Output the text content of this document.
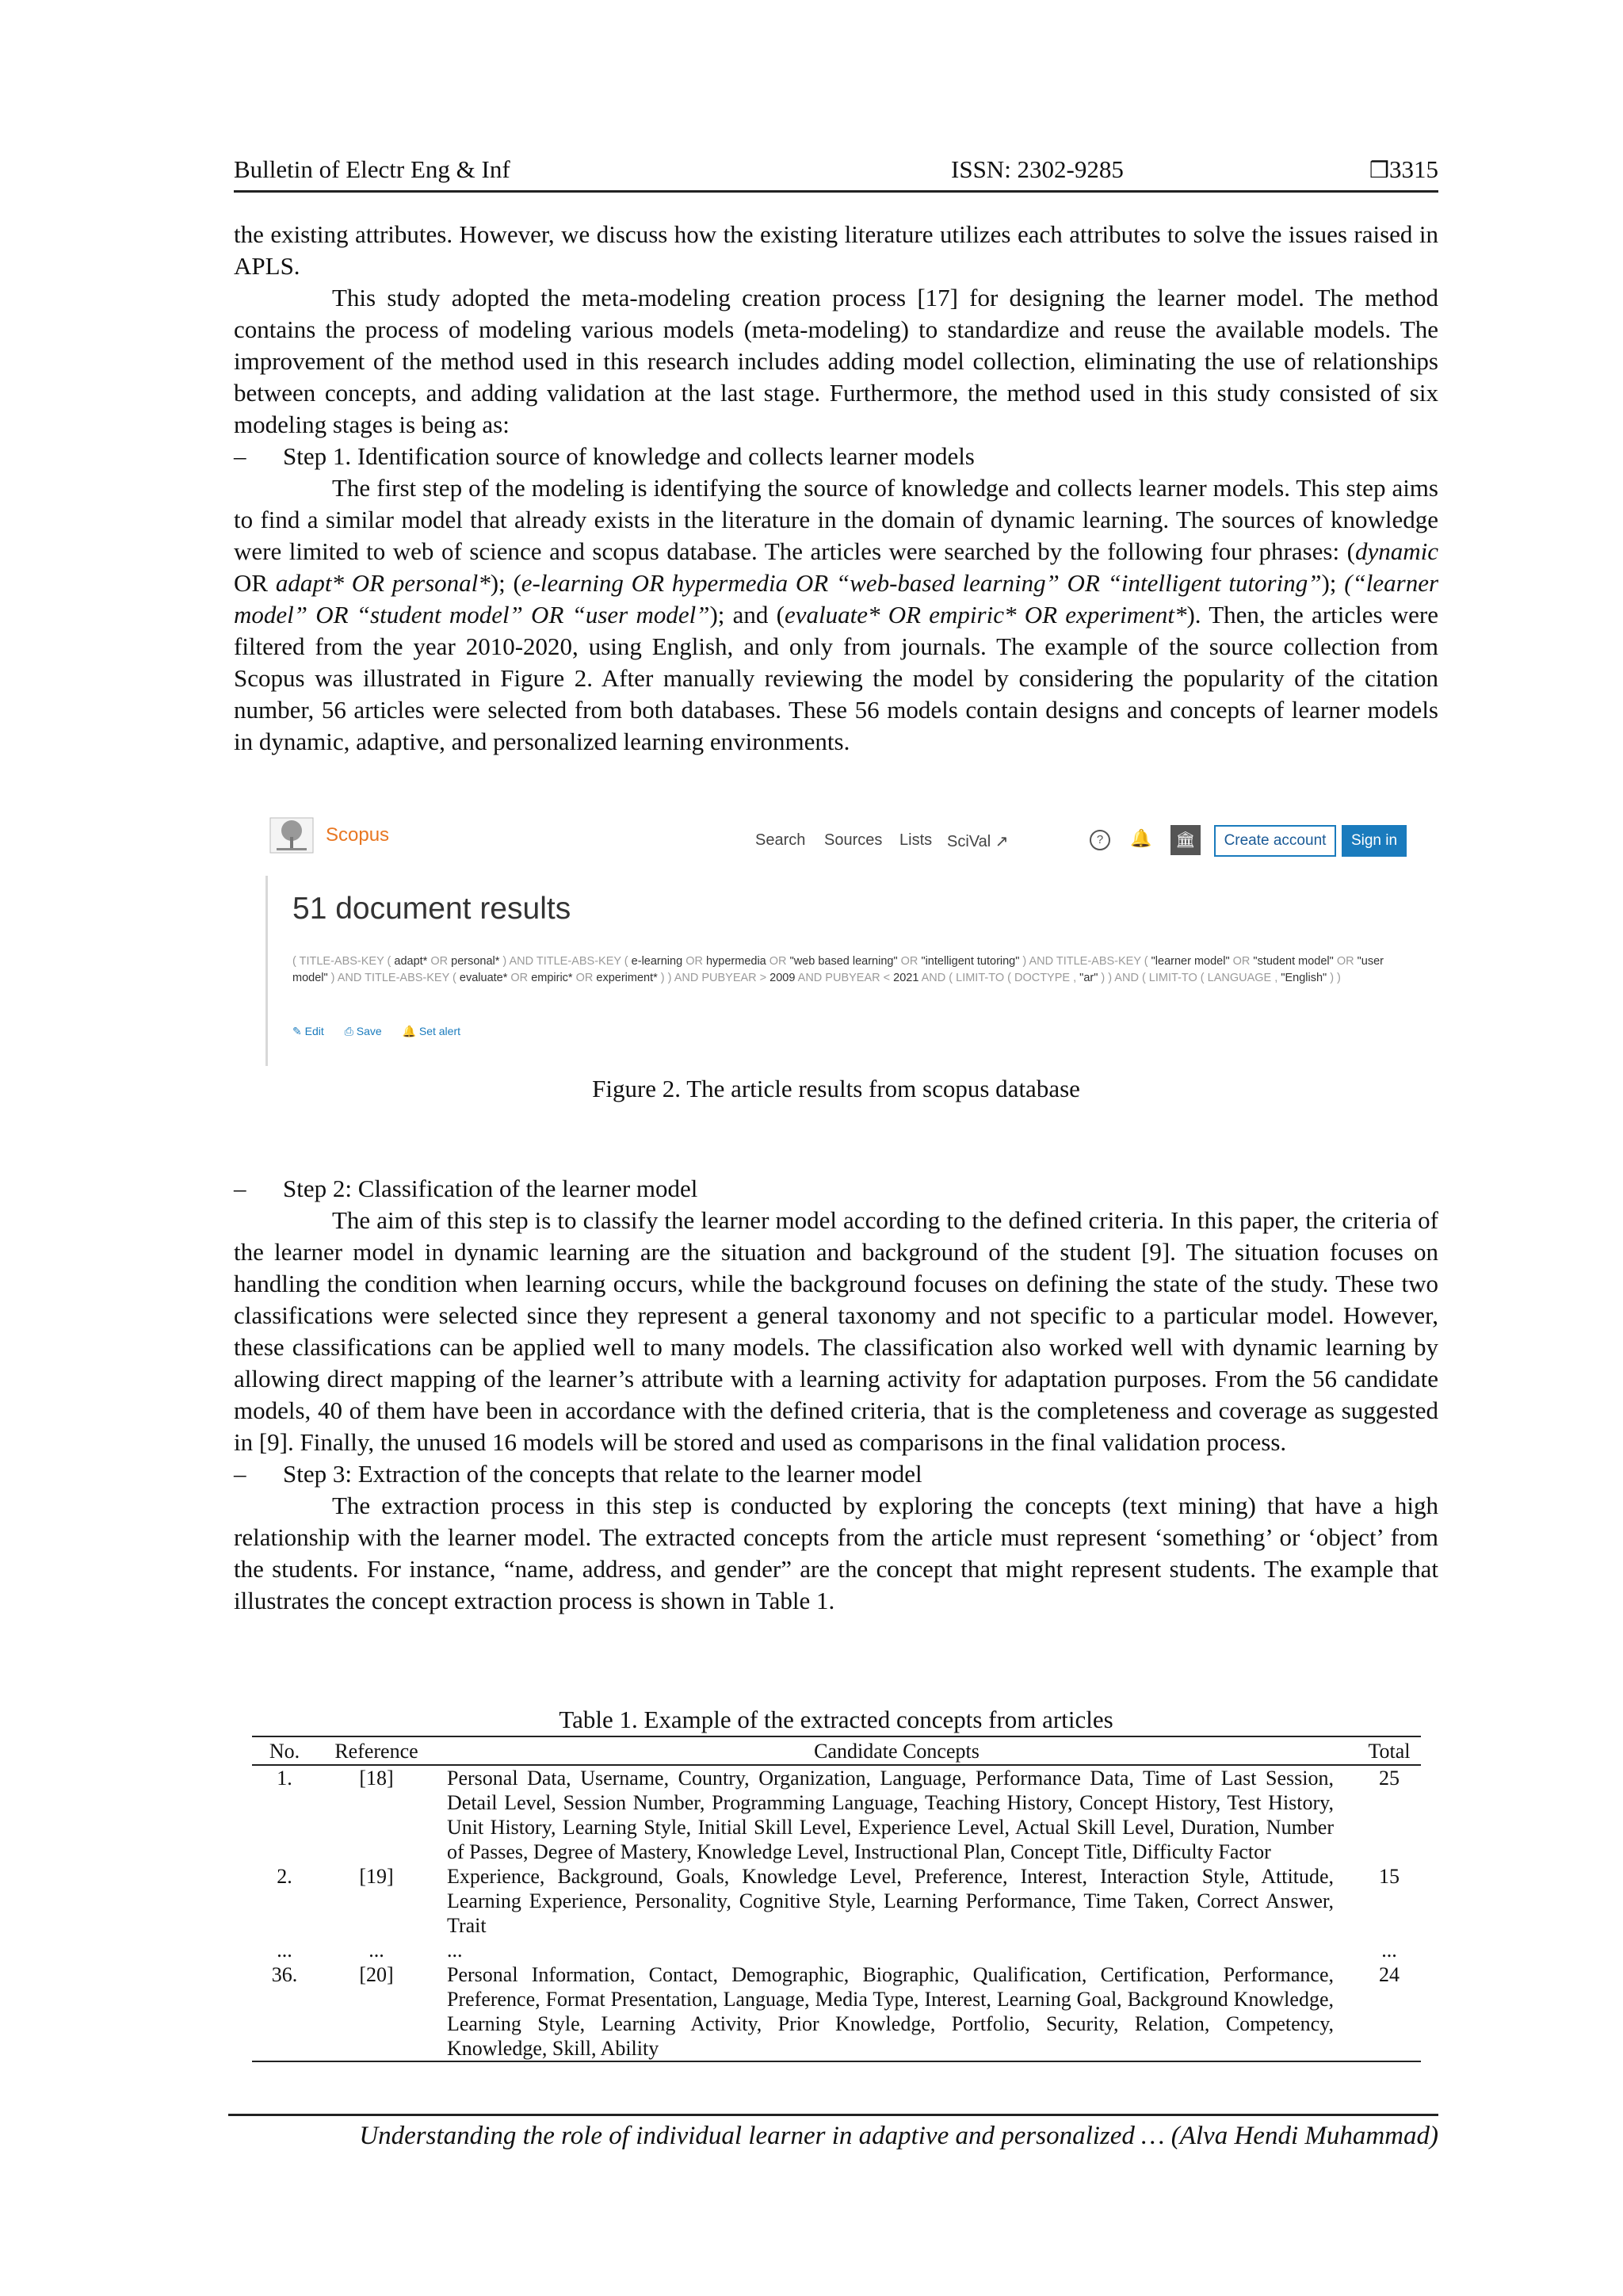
Bulletin of Electr Eng & Inf	ISSN: 2302-9285	❒3315

the existing attributes. However, we discuss how the existing literature utilizes each attributes to solve the issues raised in APLS.

This study adopted the meta-modeling creation process [17] for designing the learner model. The method contains the process of modeling various models (meta-modeling) to standardize and reuse the available models. The improvement of the method used in this research includes adding model collection, eliminating the use of relationships between concepts, and adding validation at the last stage. Furthermore, the method used in this study consisted of six modeling stages is being as:

– Step 1. Identification source of knowledge and collects learner models

The first step of the modeling is identifying the source of knowledge and collects learner models. This step aims to find a similar model that already exists in the literature in the domain of dynamic learning. The sources of knowledge were limited to web of science and scopus database. The articles were searched by the following four phrases: (dynamic OR adapt* OR personal*); (e-learning OR hypermedia OR “web-based learning” OR “intelligent tutoring”); (“learner model” OR “student model” OR “user model”); and (evaluate* OR empiric* OR experiment*). Then, the articles were filtered from the year 2010-2020, using English, and only from journals. The example of the source collection from Scopus was illustrated in Figure 2. After manually reviewing the model by considering the popularity of the citation number, 56 articles were selected from both databases. These 56 models contain designs and concepts of learner models in dynamic, adaptive, and personalized learning environments.

Scopus	Search Sources Lists SciVal ↗	?	🔔	🏛	Create account	Sign in
51 document results
( TITLE-ABS-KEY ( adapt* OR personal* ) AND TITLE-ABS-KEY ( e-learning OR hypermedia OR "web based learning" OR "intelligent tutoring" ) AND TITLE-ABS-KEY ( "learner model" OR "student model" OR "user model" ) AND TITLE-ABS-KEY ( evaluate* OR empiric* OR experiment* ) ) AND PUBYEAR > 2009 AND PUBYEAR < 2021 AND ( LIMIT-TO ( DOCTYPE , "ar" ) ) AND ( LIMIT-TO ( LANGUAGE , "English" ) )
✎ Edit ⎙ Save 🔔 Set alert
Figure 2. The article results from scopus database
– Step 2: Classification of the learner model

The aim of this step is to classify the learner model according to the defined criteria. In this paper, the criteria of the learner model in dynamic learning are the situation and background of the student [9]. The situation focuses on handling the condition when learning occurs, while the background focuses on defining the state of the study. These two classifications were selected since they represent a general taxonomy and not specific to a particular model. However, these classifications can be applied well to many models. The classification also worked well with dynamic learning by allowing direct mapping of the learner’s attribute with a learning activity for adaptation purposes. From the 56 candidate models, 40 of them have been in accordance with the defined criteria, that is the completeness and coverage as suggested in [9]. Finally, the unused 16 models will be stored and used as comparisons in the final validation process.

– Step 3: Extraction of the concepts that relate to the learner model

The extraction process in this step is conducted by exploring the concepts (text mining) that have a high relationship with the learner model. The extracted concepts from the article must represent ‘something’ or ‘object’ from the students. For instance, “name, address, and gender” are the concept that might represent students. The example that illustrates the concept extraction process is shown in Table 1.

Table 1. Example of the extracted concepts from articles
No.	Reference	Candidate Concepts	Total
1.	[18]	Personal Data, Username, Country, Organization, Language, Performance Data, Time of Last Session, Detail Level, Session Number, Programming Language, Teaching History, Concept History, Test History, Unit History, Learning Style, Initial Skill Level, Experience Level, Actual Skill Level, Duration, Number of Passes, Degree of Mastery, Knowledge Level, Instructional Plan, Concept Title, Difficulty Factor	25
2.	[19]	Experience, Background, Goals, Knowledge Level, Preference, Interest, Interaction Style, Attitude, Learning Experience, Personality, Cognitive Style, Learning Performance, Time Taken, Correct Answer, Trait	15
...	...	...	...
36.	[20]	Personal Information, Contact, Demographic, Biographic, Qualification, Certification, Performance, Preference, Format Presentation, Language, Media Type, Interest, Learning Goal, Background Knowledge, Learning Style, Learning Activity, Prior Knowledge, Portfolio, Security, Relation, Competency, Knowledge, Skill, Ability	24
Understanding the role of individual learner in adaptive and personalized … (Alva Hendi Muhammad)
